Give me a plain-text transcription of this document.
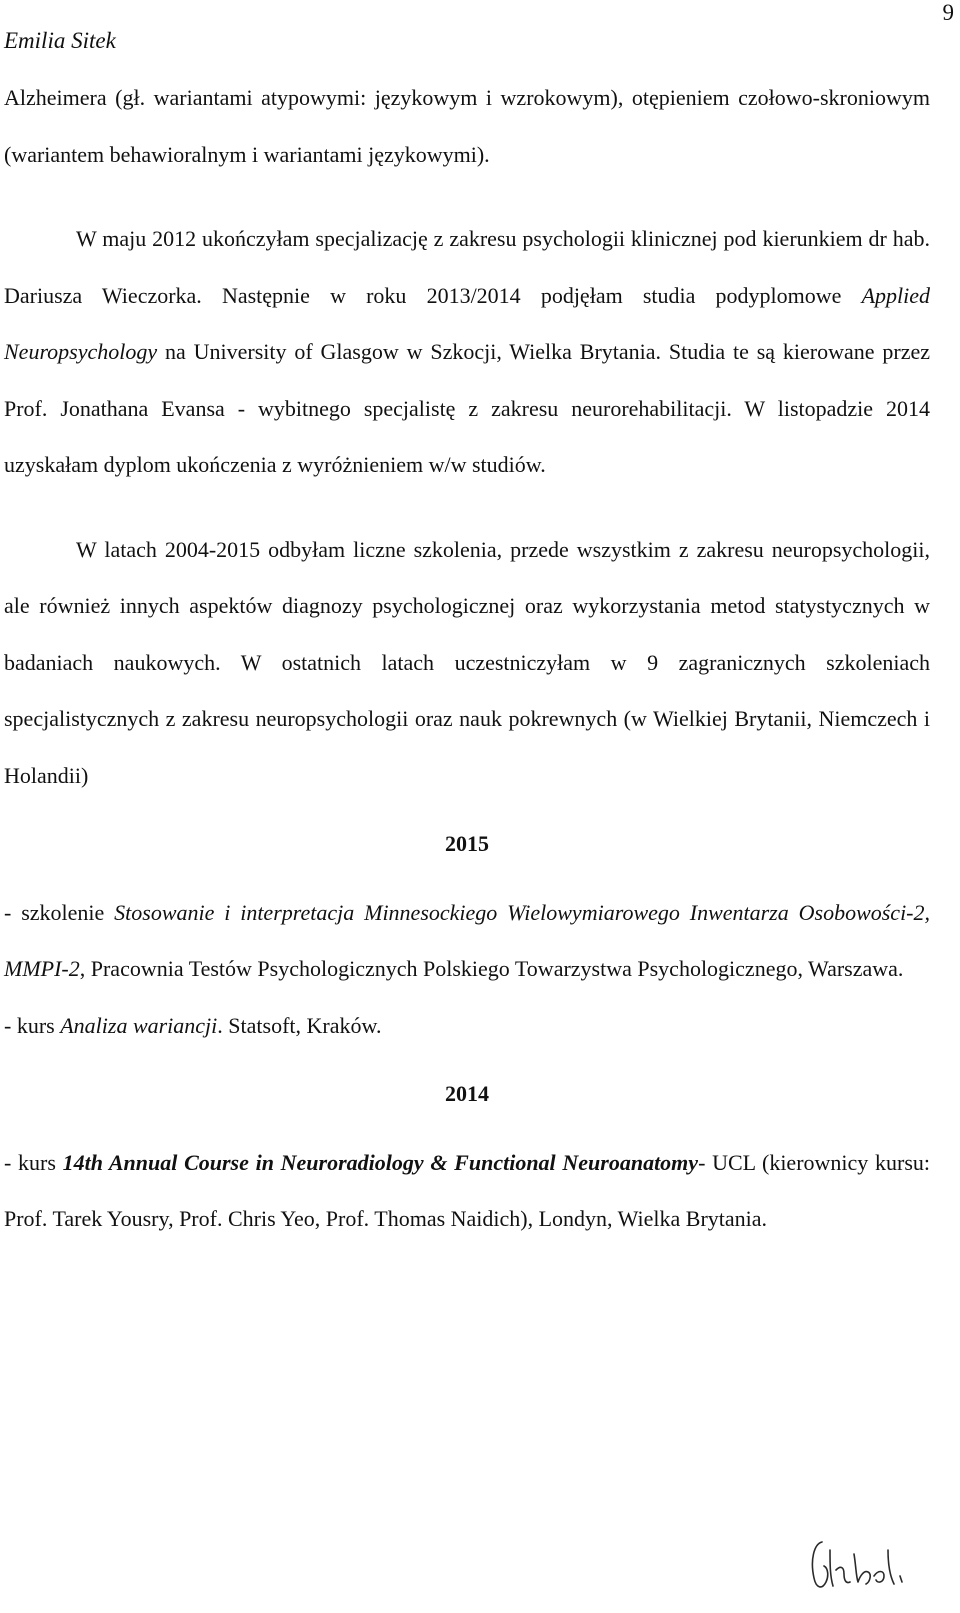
9
Emilia Sitek

Alzheimera (gł. wariantami atypowymi: językowym i wzrokowym), otępieniem czołowo-skroniowym (wariantem behawioralnym i wariantami językowymi).

W maju 2012 ukończyłam specjalizację z zakresu psychologii klinicznej pod kierunkiem dr hab. Dariusza Wieczorka. Następnie w roku 2013/2014 podjęłam studia podyplomowe Applied Neuropsychology na University of Glasgow w Szkocji, Wielka Brytania. Studia te są kierowane przez Prof. Jonathana Evansa - wybitnego specjalistę z zakresu neurorehabilitacji. W listopadzie 2014 uzyskałam dyplom ukończenia z wyróżnieniem w/w studiów.

W latach 2004-2015 odbyłam liczne szkolenia, przede wszystkim z zakresu neuropsychologii, ale również innych aspektów diagnozy psychologicznej oraz wykorzystania metod statystycznych w badaniach naukowych. W ostatnich latach uczestniczyłam w 9 zagranicznych szkoleniach specjalistycznych z zakresu neuropsychologii oraz nauk pokrewnych (w Wielkiej Brytanii, Niemczech i Holandii)

2015

- szkolenie Stosowanie i interpretacja Minnesockiego Wielowymiarowego Inwentarza Osobowości-2, MMPI-2, Pracownia Testów Psychologicznych Polskiego Towarzystwa Psychologicznego, Warszawa.

- kurs Analiza wariancji. Statsoft, Kraków.

2014

- kurs 14th Annual Course in Neuroradiology & Functional Neuroanatomy- UCL (kierownicy kursu: Prof. Tarek Yousry, Prof. Chris Yeo, Prof. Thomas Naidich), Londyn, Wielka Brytania.
